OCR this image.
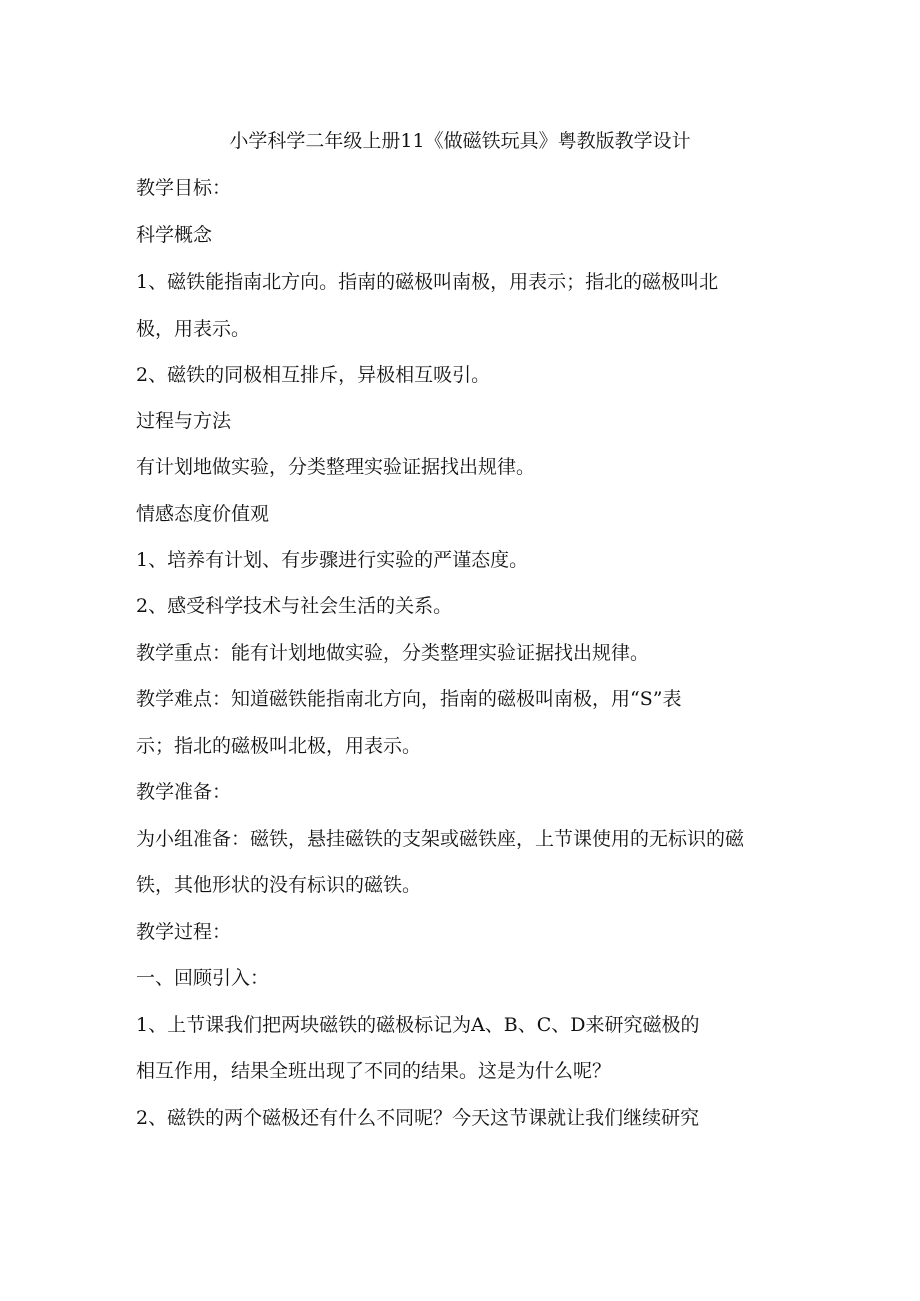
小学科学二年级上册11《做磁铁玩具》粤教版教学设计
教学目标：
科学概念
1、磁铁能指南北方向。指南的磁极叫南极，用表示；指北的磁极叫北
极，用表示。
2、磁铁的同极相互排斥，异极相互吸引。
过程与方法
有计划地做实验，分类整理实验证据找出规律。
情感态度价值观
1、培养有计划、有步骤进行实验的严谨态度。
2、感受科学技术与社会生活的关系。
教学重点：能有计划地做实验，分类整理实验证据找出规律。
教学难点：知道磁铁能指南北方向，指南的磁极叫南极，用“S”表
示；指北的磁极叫北极，用表示。
教学准备：
为小组准备：磁铁，悬挂磁铁的支架或磁铁座，上节课使用的无标识的磁
铁，其他形状的没有标识的磁铁。
教学过程：
一、回顾引入：
1、上节课我们把两块磁铁的磁极标记为A、B、C、D来研究磁极的
相互作用，结果全班出现了不同的结果。这是为什么呢？
2、磁铁的两个磁极还有什么不同呢？今天这节课就让我们继续研究
